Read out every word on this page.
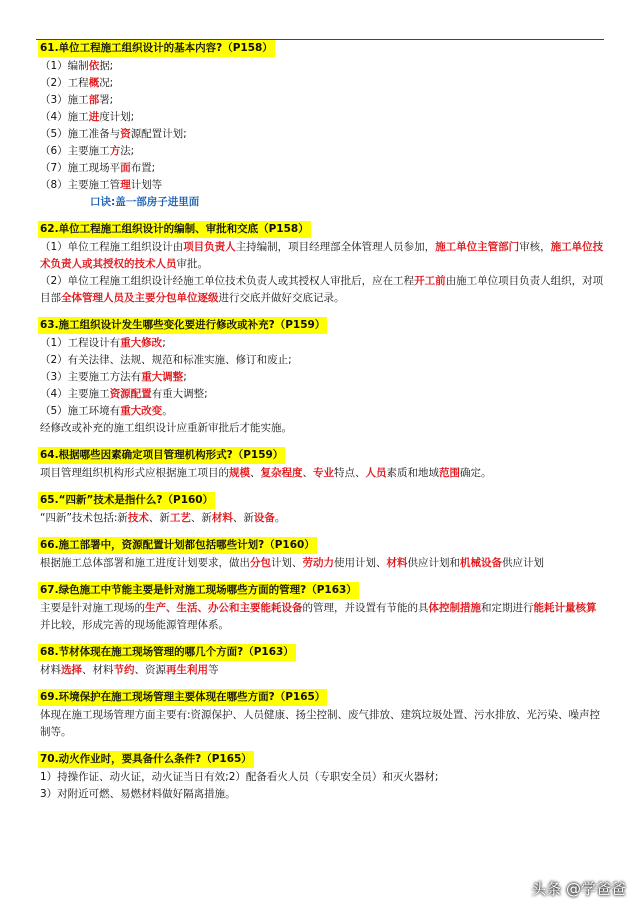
61.单位工程施工组织设计的基本内容?（P158）
（1）编制依据;
（2）工程概况;
（3）施工部署;
（4）施工进度计划;
（5）施工准备与资源配置计划;
（6）主要施工方法;
（7）施工现场平面布置;
（8）主要施工管理计划等
口诀:盖一部房子进里面
62.单位工程施工组织设计的编制、审批和交底（P158）
（1）单位工程施工组织设计由项目负责人主持编制，项目经理部全体管理人员参加，施工单位主管部门审核，施工单位技术负责人或其授权的技术人员审批。
（2）单位工程施工组织设计经施工单位技术负责人或其授权人审批后，应在工程开工前由施工单位项目负责人组织，对项目部全体管理人员及主要分包单位逐级进行交底并做好交底记录。
63.施工组织设计发生哪些变化要进行修改或补充?（P159）
（1）工程设计有重大修改;
（2）有关法律、法规、规范和标准实施、修订和废止;
（3）主要施工方法有重大调整;
（4）主要施工资源配置有重大调整;
（5）施工环境有重大改变。
经修改或补充的施工组织设计应重新审批后才能实施。
64.根据哪些因素确定项目管理机构形式?（P159）
项目管理组织机构形式应根据施工项目的规模、复杂程度、专业特点、人员素质和地域范围确定。
65.“四新”技术是指什么?（P160）
“四新”技术包括:新技术、新工艺、新材料、新设备。
66.施工部署中，资源配置计划都包括哪些计划?（P160）
根据施工总体部署和施工进度计划要求，做出分包计划、劳动力使用计划、材料供应计划和机械设备供应计划
67.绿色施工中节能主要是针对施工现场哪些方面的管理?（P163）
主要是针对施工现场的生产、生活、办公和主要能耗设备的管理，并设置有节能的具体控制措施和定期进行能耗计量核算并比较，形成完善的现场能源管理体系。
68.节材体现在施工现场管理的哪几个方面?（P163）
材料选择、材料节约、资源再生利用等
69.环境保护在施工现场管理主要体现在哪些方面?（P165）
体现在施工现场管理方面主要有:资源保护、人员健康、扬尘控制、废气排放、建筑垃圾处置、污水排放、光污染、噪声控制等。
70.动火作业时，要具备什么条件?（P165）
1）持操作证、动火证，动火证当日有效;2）配备看火人员（专职安全员）和灭火器材;
3）对附近可燃、易燃材料做好隔离措施。
头条 @学爸爸
